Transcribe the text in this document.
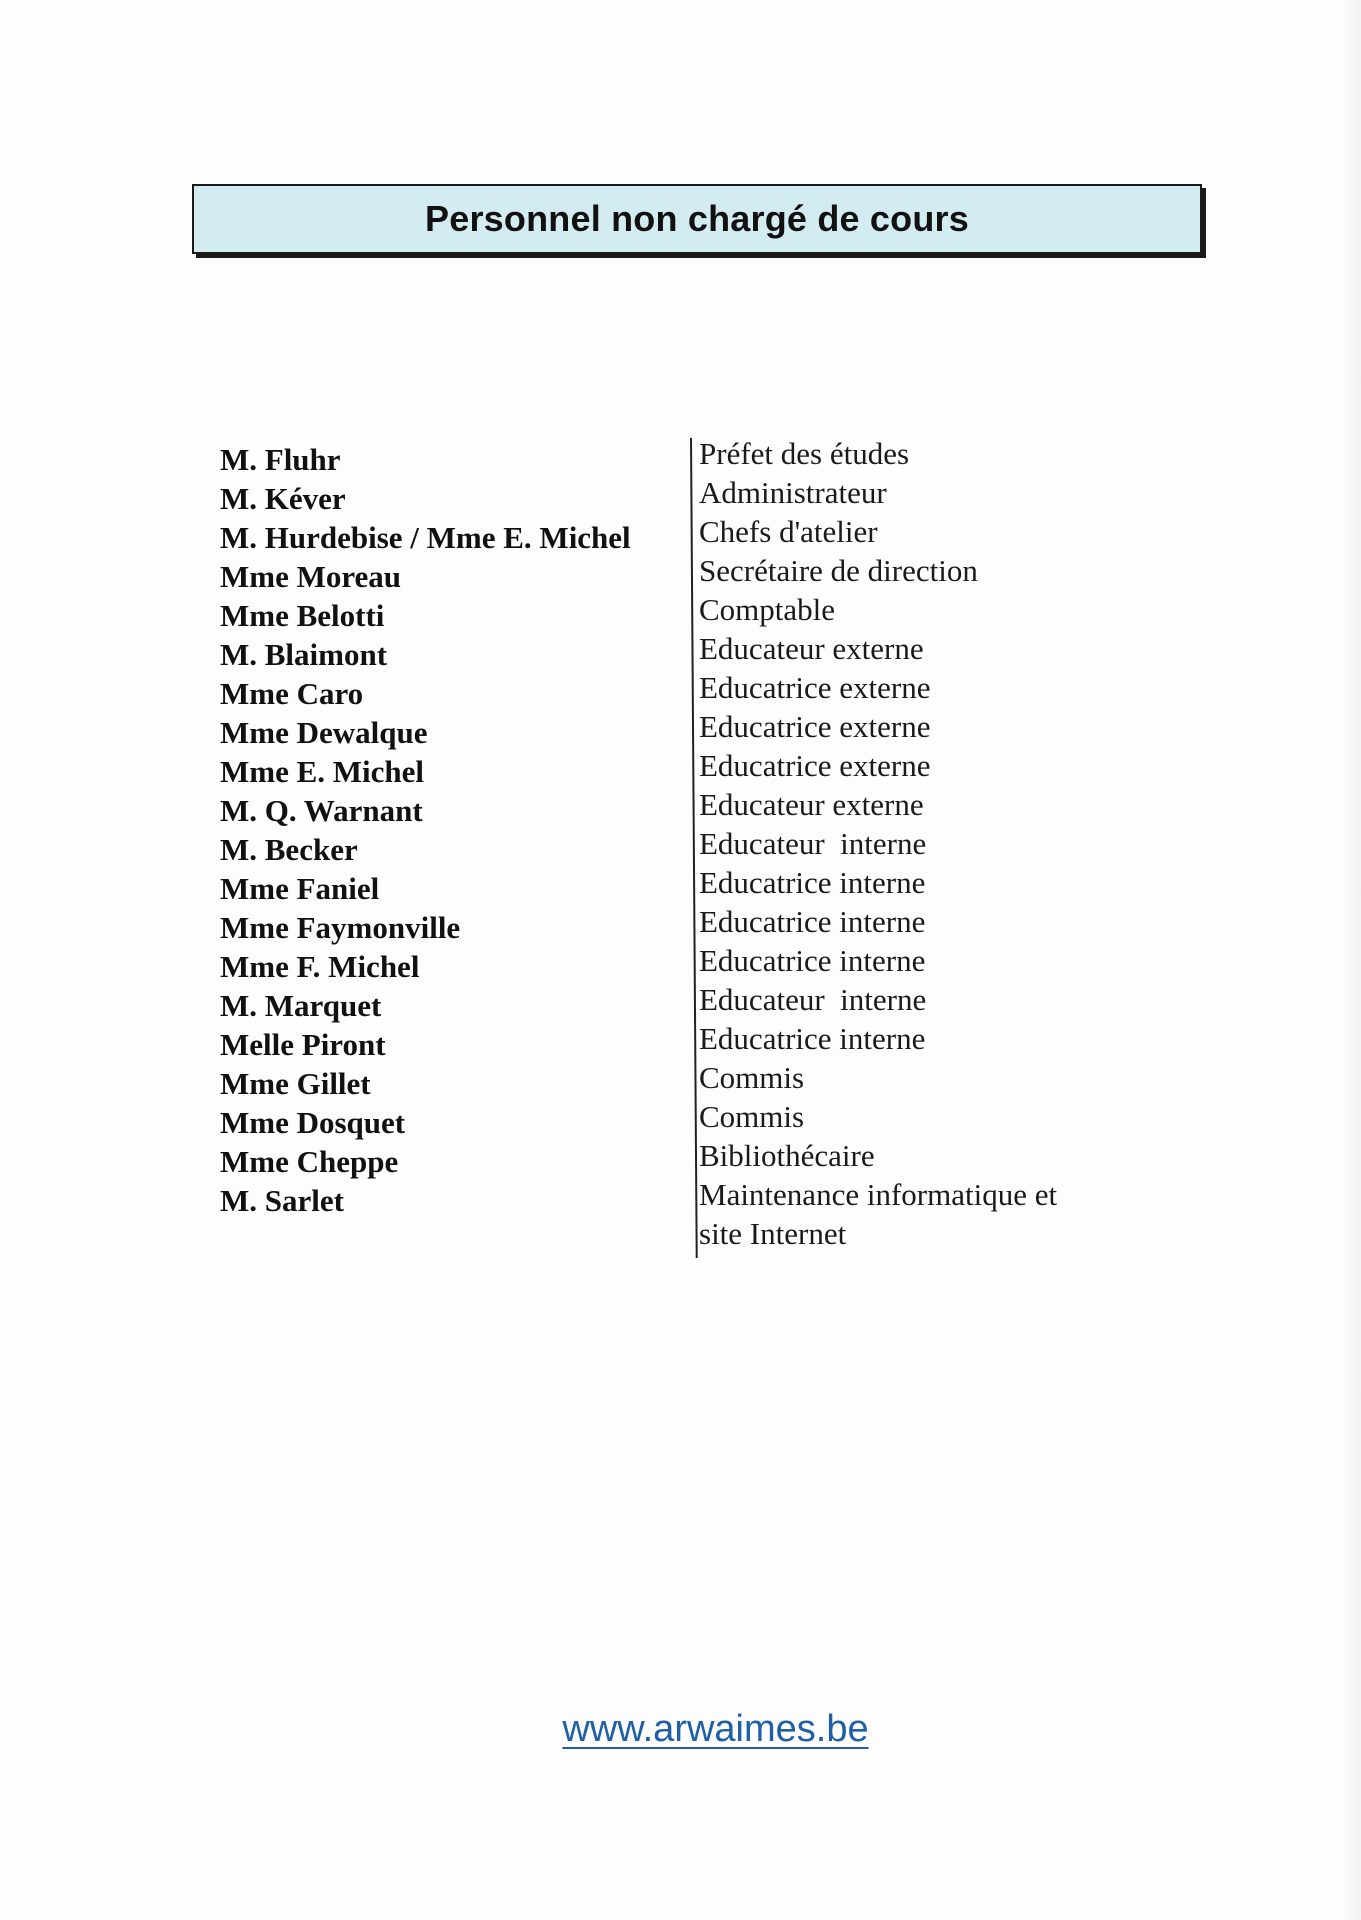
Personnel non chargé de cours
M. Fluhr
M. Kéver
M. Hurdebise / Mme E. Michel
Mme Moreau
Mme Belotti
M. Blaimont
Mme Caro
Mme Dewalque
Mme E. Michel
M. Q. Warnant
M. Becker
Mme Faniel
Mme Faymonville
Mme F. Michel
M. Marquet
Melle Piront
Mme Gillet
Mme Dosquet
Mme Cheppe
M. Sarlet
Préfet des études
Administrateur
Chefs d'atelier
Secrétaire de direction
Comptable
Educateur externe
Educatrice externe
Educatrice externe
Educatrice externe
Educateur externe
Educateur  interne
Educatrice interne
Educatrice interne
Educatrice interne
Educateur  interne
Educatrice interne
Commis
Commis
Bibliothécaire
Maintenance informatique et
site Internet
www.arwaimes.be
